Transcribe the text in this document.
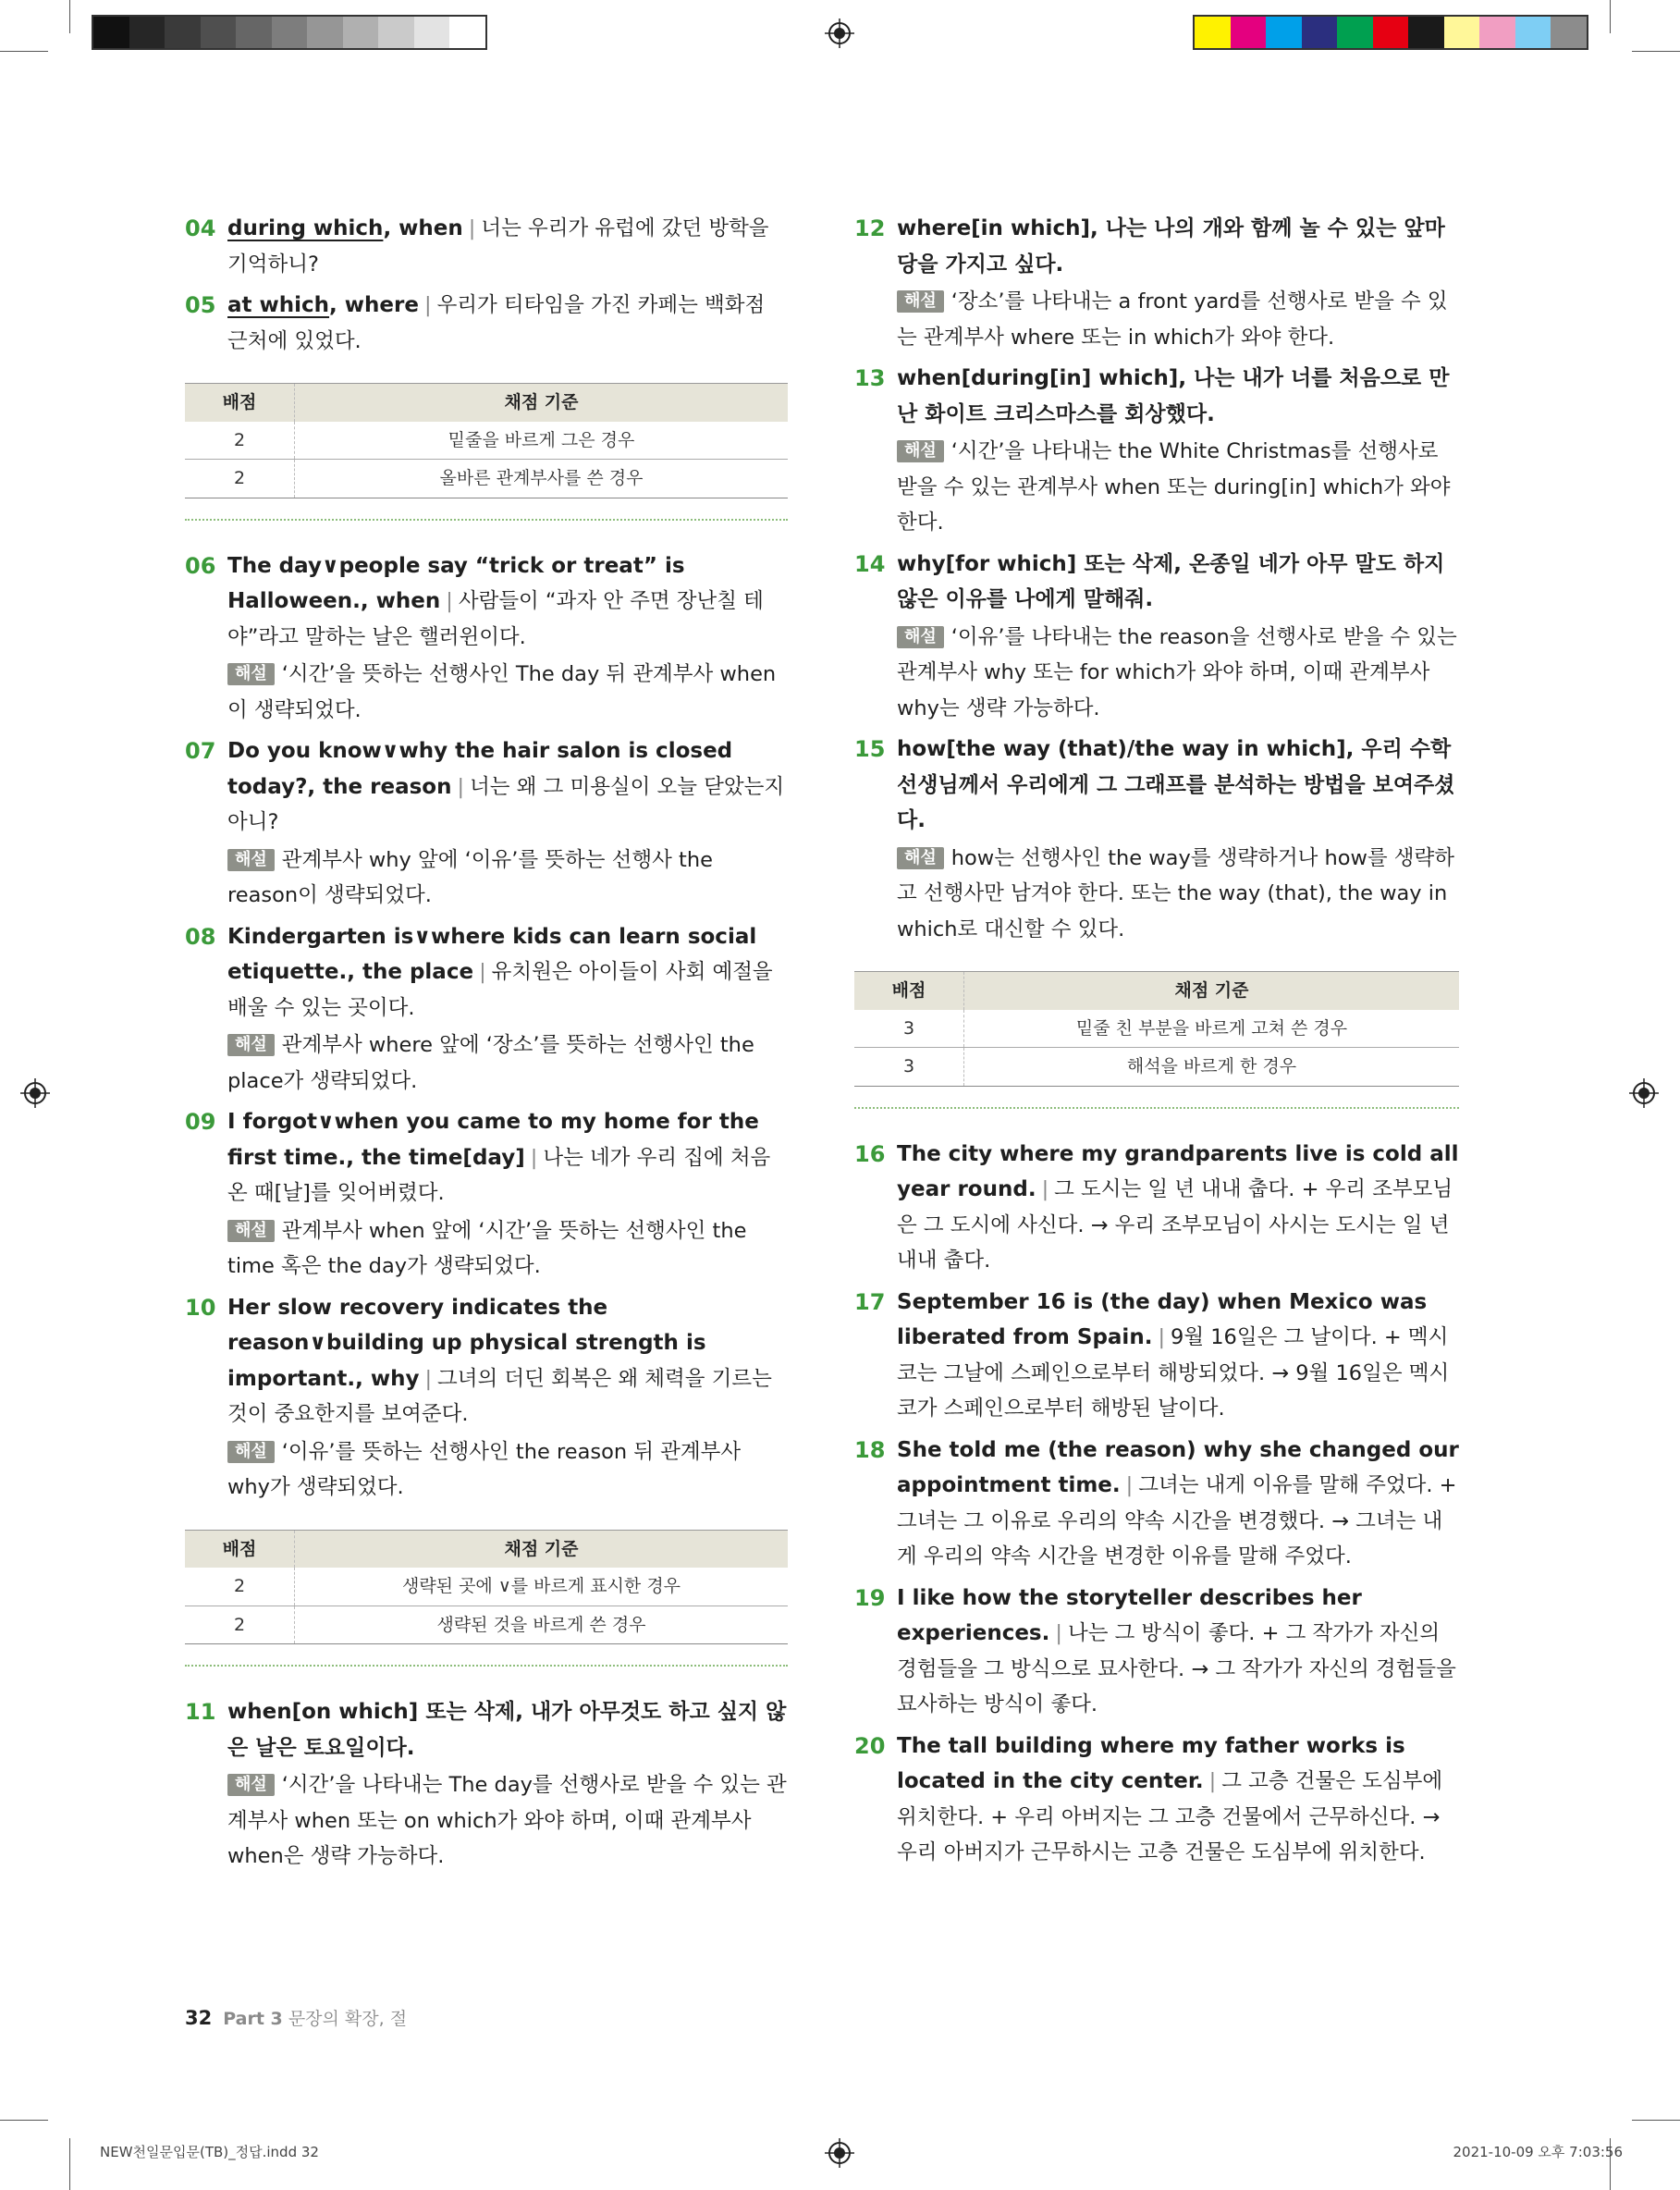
04 during which, when | 너는 우리가 유럽에 갔던 방학을 기억하니?
05 at which, where | 우리가 티타임을 가진 카페는 백화점 근처에 있었다.
배점	채점 기준
2	밑줄을 바르게 그은 경우
2	올바른 관계부사를 쓴 경우
06 The day∨people say “trick or treat” is Halloween., when | 사람들이 “과자 안 주면 장난칠 테야”라고 말하는 날은 핼러윈이다.
해설 ‘시간’을 뜻하는 선행사인 The day 뒤 관계부사 when이 생략되었다.
07 Do you know∨why the hair salon is closed today?, the reason | 너는 왜 그 미용실이 오늘 닫았는지 아니?
해설 관계부사 why 앞에 ‘이유’를 뜻하는 선행사 the reason이 생략되었다.
08 Kindergarten is∨where kids can learn social etiquette., the place | 유치원은 아이들이 사회 예절을 배울 수 있는 곳이다.
해설 관계부사 where 앞에 ‘장소’를 뜻하는 선행사인 the place가 생략되었다.
09 I forgot∨when you came to my home for the first time., the time[day] | 나는 네가 우리 집에 처음 온 때[날]를 잊어버렸다.
해설 관계부사 when 앞에 ‘시간’을 뜻하는 선행사인 the time 혹은 the day가 생략되었다.
10 Her slow recovery indicates the reason∨building up physical strength is important., why | 그녀의 더딘 회복은 왜 체력을 기르는 것이 중요한지를 보여준다.
해설 ‘이유’를 뜻하는 선행사인 the reason 뒤 관계부사 why가 생략되었다.
배점	채점 기준
2	생략된 곳에 ∨를 바르게 표시한 경우
2	생략된 것을 바르게 쓴 경우
11 when[on which] 또는 삭제, 내가 아무것도 하고 싶지 않은 날은 토요일이다.
해설 ‘시간’을 나타내는 The day를 선행사로 받을 수 있는 관계부사 when 또는 on which가 와야 하며, 이때 관계부사 when은 생략 가능하다.
12 where[in which], 나는 나의 개와 함께 놀 수 있는 앞마당을 가지고 싶다.
해설 ‘장소’를 나타내는 a front yard를 선행사로 받을 수 있는 관계부사 where 또는 in which가 와야 한다.
13 when[during[in] which], 나는 내가 너를 처음으로 만난 화이트 크리스마스를 회상했다.
해설 ‘시간’을 나타내는 the White Christmas를 선행사로 받을 수 있는 관계부사 when 또는 during[in] which가 와야 한다.
14 why[for which] 또는 삭제, 온종일 네가 아무 말도 하지 않은 이유를 나에게 말해줘.
해설 ‘이유’를 나타내는 the reason을 선행사로 받을 수 있는 관계부사 why 또는 for which가 와야 하며, 이때 관계부사 why는 생략 가능하다.
15 how[the way (that)/the way in which], 우리 수학 선생님께서 우리에게 그 그래프를 분석하는 방법을 보여주셨다.
해설 how는 선행사인 the way를 생략하거나 how를 생략하고 선행사만 남겨야 한다. 또는 the way (that), the way in which로 대신할 수 있다.
배점	채점 기준
3	밑줄 친 부분을 바르게 고쳐 쓴 경우
3	해석을 바르게 한 경우
16 The city where my grandparents live is cold all year round. | 그 도시는 일 년 내내 춥다. + 우리 조부모님은 그 도시에 사신다. → 우리 조부모님이 사시는 도시는 일 년 내내 춥다.
17 September 16 is (the day) when Mexico was liberated from Spain. | 9월 16일은 그 날이다. + 멕시코는 그날에 스페인으로부터 해방되었다. → 9월 16일은 멕시코가 스페인으로부터 해방된 날이다.
18 She told me (the reason) why she changed our appointment time. | 그녀는 내게 이유를 말해 주었다. + 그녀는 그 이유로 우리의 약속 시간을 변경했다. → 그녀는 내게 우리의 약속 시간을 변경한 이유를 말해 주었다.
19 I like how the storyteller describes her experiences. | 나는 그 방식이 좋다. + 그 작가가 자신의 경험들을 그 방식으로 묘사한다. → 그 작가가 자신의 경험들을 묘사하는 방식이 좋다.
20 The tall building where my father works is located in the city center. | 그 고층 건물은 도심부에 위치한다. + 우리 아버지는 그 고층 건물에서 근무하신다. → 우리 아버지가 근무하시는 고층 건물은 도심부에 위치한다.
32 Part 3 문장의 확장, 절
NEW천일문입문(TB)_정답.indd 32	2021-10-09 오후 7:03:56
